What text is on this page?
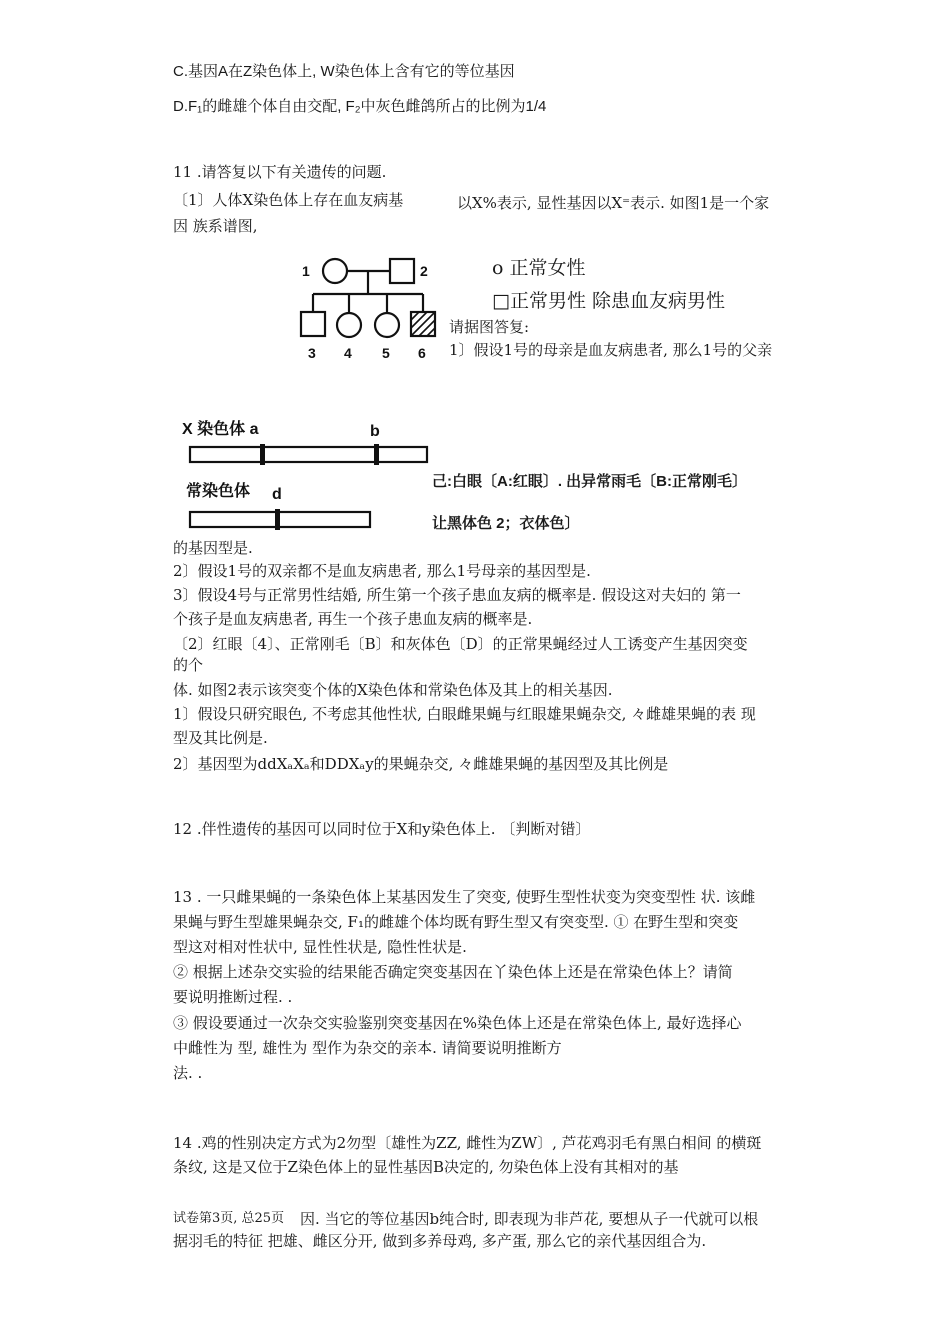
C.基因A在Z染色体上, W染色体上含有它的等位基因
D.F₁的雌雄个体自由交配, F₂中灰色雌鸽所占的比例为1/4
11 .请答复以下有关遗传的问题.
〔1〕人体X染色体上存在血友病基	以X%表示, 显性基因以X⁼表示. 如图1是一个家
因 族系谱图,
1	2
3 4 5 6
o 正常女性
□正常男性 除患血友病男性
请据图答复:
1〕假设1号的母亲是血友病患者, 那么1号的父亲
X 染色体 a	b
常染色体 d
己:白眼〔A:红眼〕. 出异常雨毛〔B:正常刚毛〕
让黑体色 2；衣体色〕
的基因型是.
2〕假设1号的双亲都不是血友病患者, 那么1号母亲的基因型是.
3〕假设4号与正常男性结婚, 所生第一个孩子患血友病的概率是. 假设这对夫妇的 第一
个孩子是血友病患者, 再生一个孩子患血友病的概率是.
〔2〕红眼〔4〕、正常刚毛〔B〕和灰体色〔D〕的正常果蝇经过人工诱变产生基因突变
的个
体. 如图2表示该突变个体的X染色体和常染色体及其上的相关基因.
1〕假设只研究眼色, 不考虑其他性状, 白眼雌果蝇与红眼雄果蝇杂交, 々雌雄果蝇的表 现
型及其比例是.
2〕基因型为ddXₐXₐ和DDXₐy的果蝇杂交, 々雌雄果蝇的基因型及其比例是
12 .伴性遗传的基因可以同时位于X和y染色体上. 〔判断对错〕
13 . 一只雌果蝇的一条染色体上某基因发生了突变, 使野生型性状变为突变型性 状. 该雌
果蝇与野生型雄果蝇杂交, F₁的雌雄个体均既有野生型又有突变型. ① 在野生型和突变
型这对相对性状中, 显性性状是, 隐性性状是.
② 根据上述杂交实验的结果能否确定突变基因在丫染色体上还是在常染色体上？请简
要说明推断过程. .
③ 假设要通过一次杂交实验鉴别突变基因在%染色体上还是在常染色体上, 最好选择心
中雌性为 型, 雄性为 型作为杂交的亲本. 请简要说明推断方
法. .
14 .鸡的性别决定方式为2勿型〔雄性为ZZ, 雌性为ZW〕, 芦花鸡羽毛有黑白相间 的横斑
条纹, 这是又位于Z染色体上的显性基因B决定的, 勿染色体上没有其相对的基
试卷第3页, 总25页 因. 当它的等位基因b纯合时, 即表现为非芦花, 要想从子一代就可以根
据羽毛的特征 把雄、雌区分开, 做到多养母鸡, 多产蛋, 那么它的亲代基因组合为.
